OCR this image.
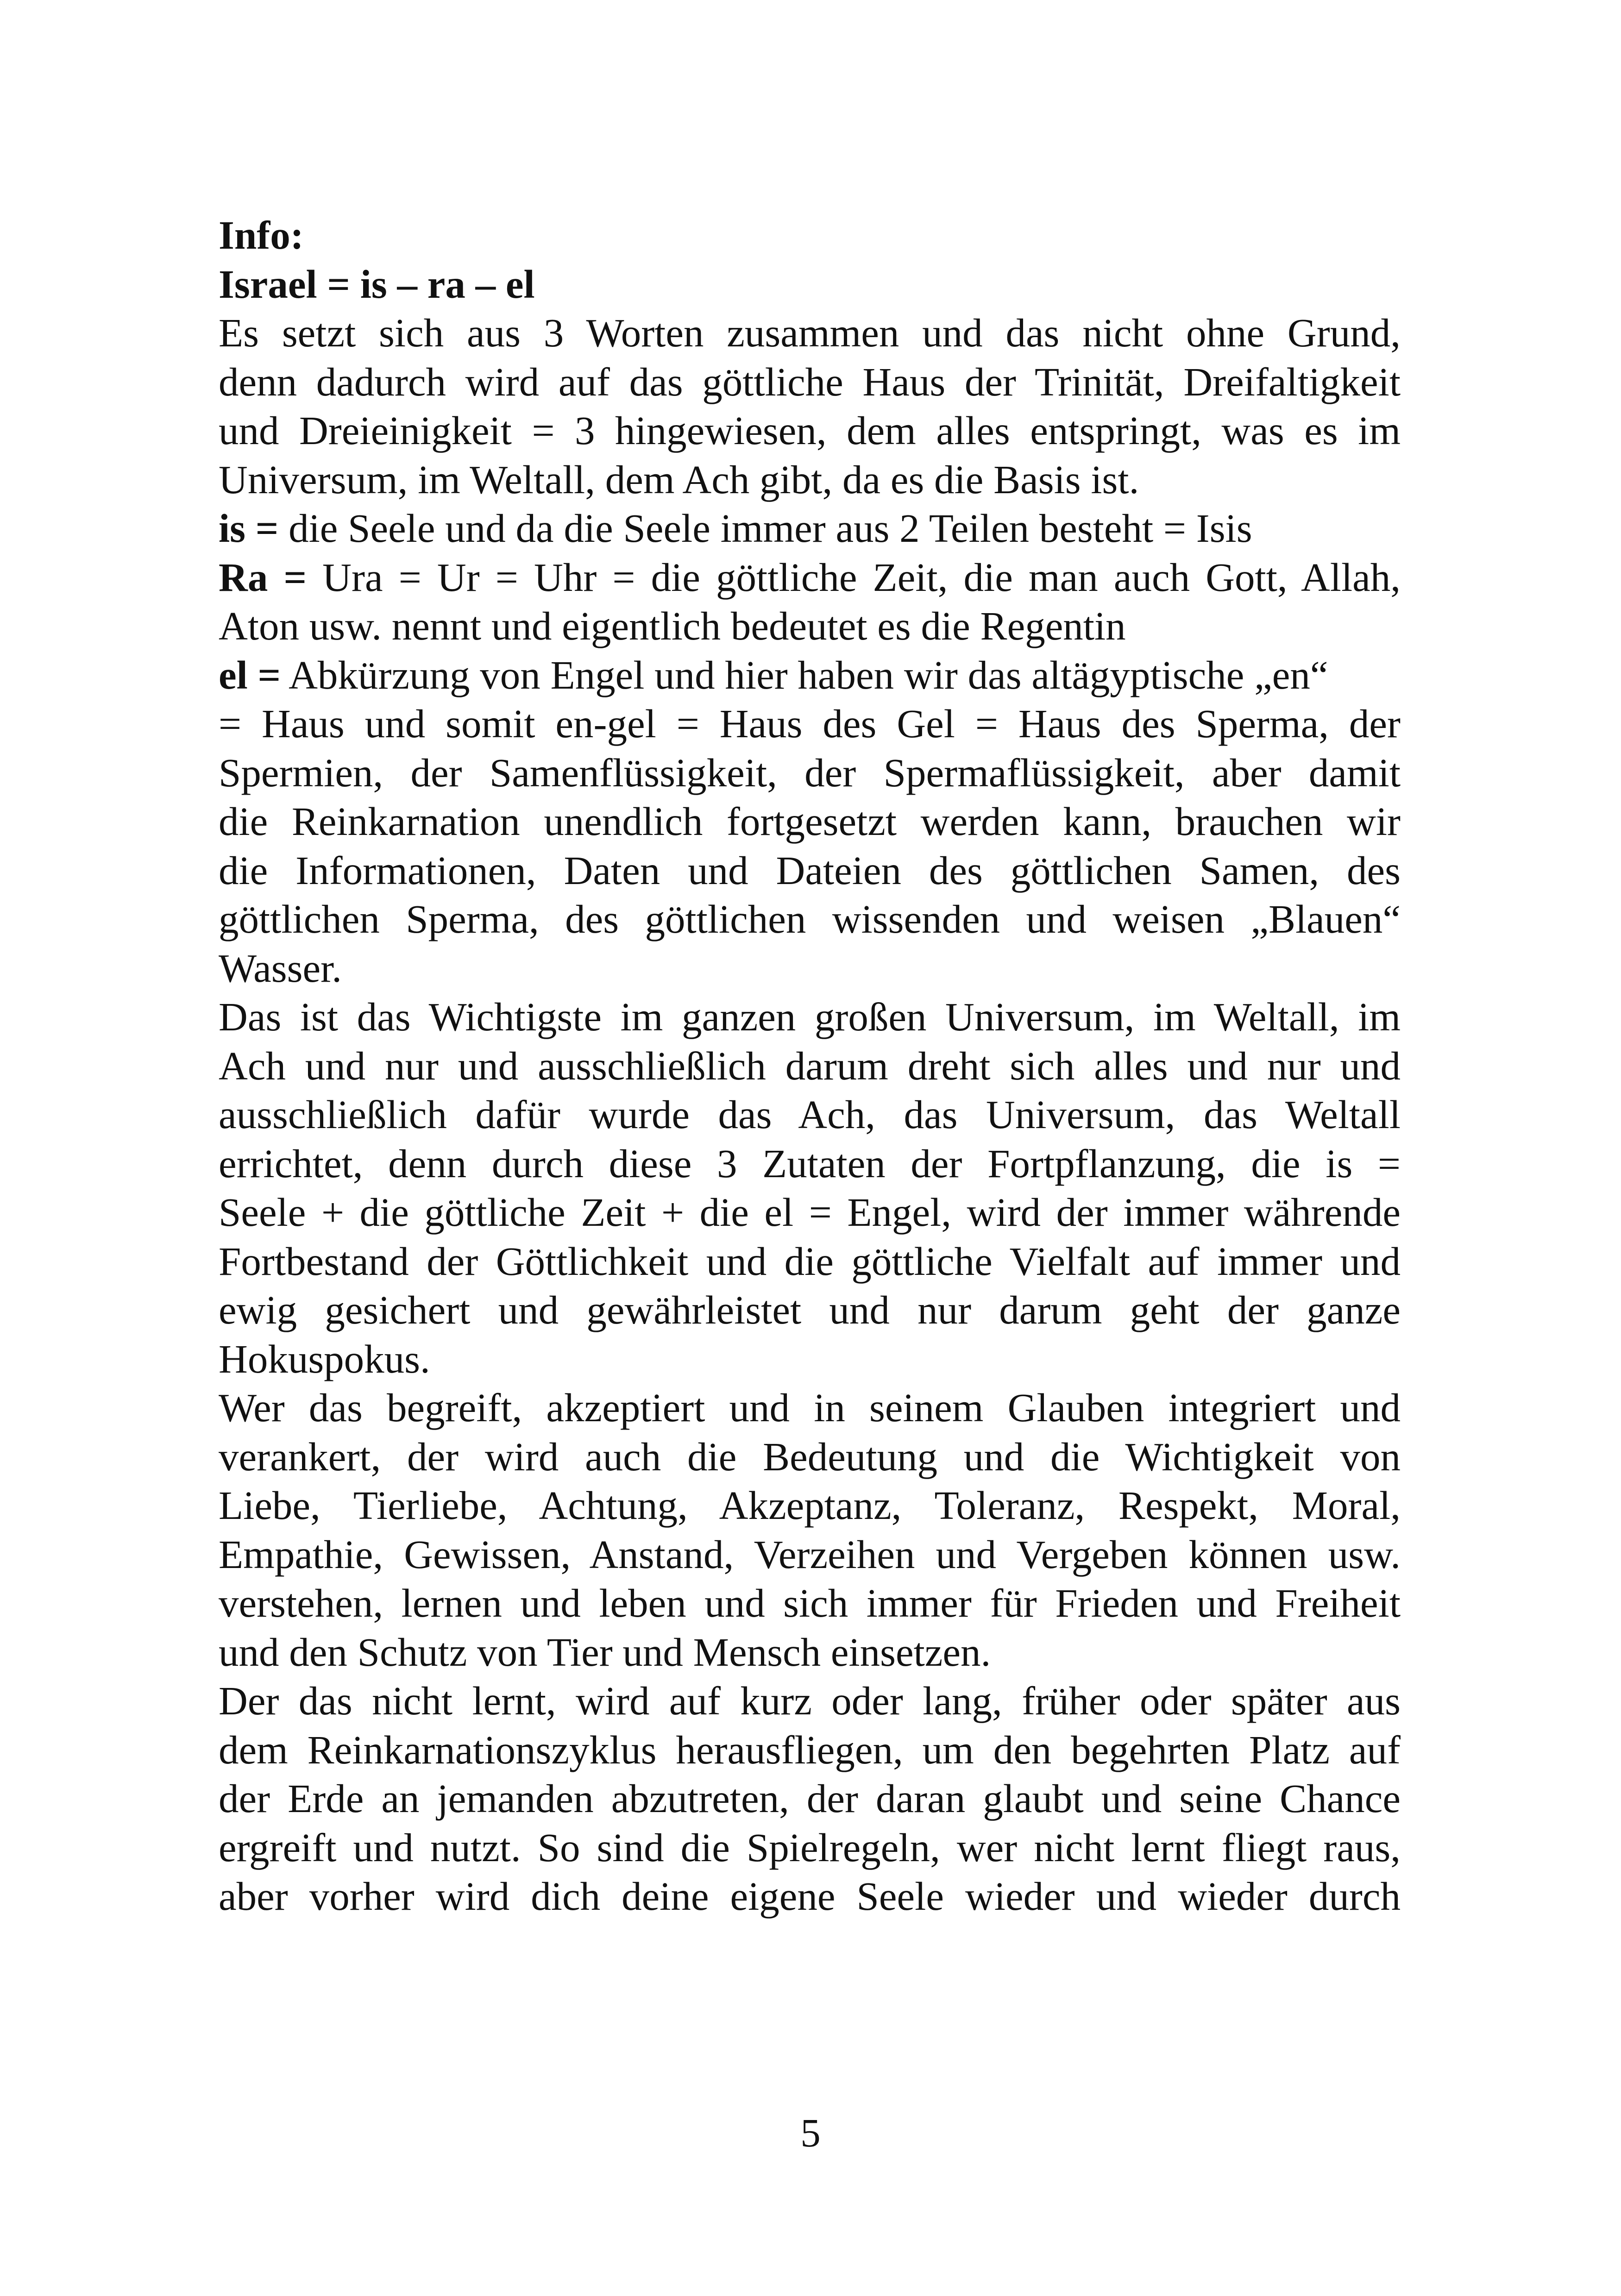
Info:
Israel = is – ra – el
Es setzt sich aus 3 Worten zusammen und das nicht ohne Grund,
denn dadurch wird auf das göttliche Haus der Trinität, Dreifaltigkeit
und Dreieinigkeit = 3 hingewiesen, dem alles entspringt, was es im
Universum, im Weltall, dem Ach gibt, da es die Basis ist.
is = die Seele und da die Seele immer aus 2 Teilen besteht = Isis
Ra = Ura = Ur = Uhr = die göttliche Zeit, die man auch Gott, Allah,
Aton usw. nennt und eigentlich bedeutet es die Regentin
el = Abkürzung von Engel und hier haben wir das altägyptische „en“
= Haus und somit en-gel = Haus des Gel = Haus des Sperma, der
Spermien, der Samenflüssigkeit, der Spermaflüssigkeit, aber damit
die Reinkarnation unendlich fortgesetzt werden kann, brauchen wir
die Informationen, Daten und Dateien des göttlichen Samen, des
göttlichen Sperma, des göttlichen wissenden und weisen „Blauen“
Wasser.
Das ist das Wichtigste im ganzen großen Universum, im Weltall, im
Ach und nur und ausschließlich darum dreht sich alles und nur und
ausschließlich dafür wurde das Ach, das Universum, das Weltall
errichtet, denn durch diese 3 Zutaten der Fortpflanzung, die is =
Seele + die göttliche Zeit + die el = Engel, wird der immer währende
Fortbestand der Göttlichkeit und die göttliche Vielfalt auf immer und
ewig gesichert und gewährleistet und nur darum geht der ganze
Hokuspokus.
Wer das begreift, akzeptiert und in seinem Glauben integriert und
verankert, der wird auch die Bedeutung und die Wichtigkeit von
Liebe, Tierliebe, Achtung, Akzeptanz, Toleranz, Respekt, Moral,
Empathie, Gewissen, Anstand, Verzeihen und Vergeben können usw.
verstehen, lernen und leben und sich immer für Frieden und Freiheit
und den Schutz von Tier und Mensch einsetzen.
Der das nicht lernt, wird auf kurz oder lang, früher oder später aus
dem Reinkarnationszyklus herausfliegen, um den begehrten Platz auf
der Erde an jemanden abzutreten, der daran glaubt und seine Chance
ergreift und nutzt. So sind die Spielregeln, wer nicht lernt fliegt raus,
aber vorher wird dich deine eigene Seele wieder und wieder durch
5
